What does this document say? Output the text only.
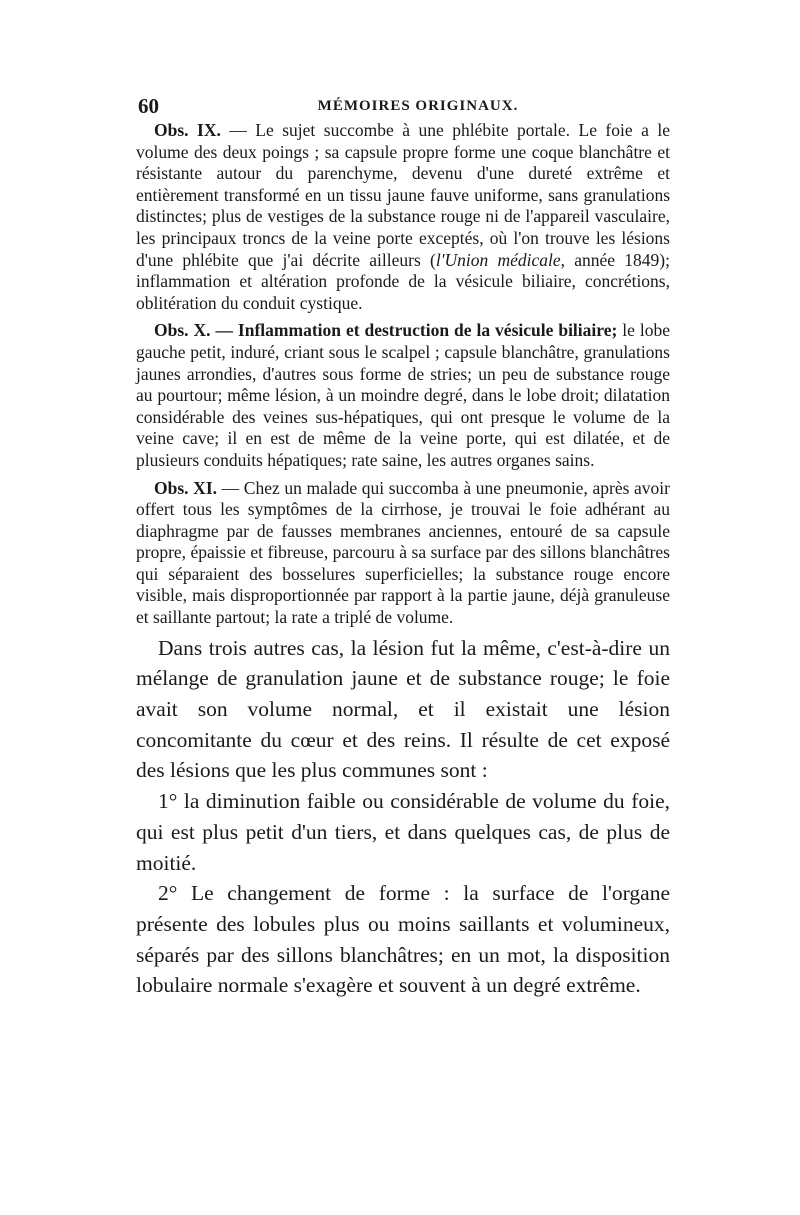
60	MÉMOIRES ORIGINAUX.

Obs. IX. — Le sujet succombe à une phlébite portale. Le foie a le volume des deux poings ; sa capsule propre forme une coque blanchâtre et résistante autour du parenchyme, devenu d'une dureté extrême et entièrement transformé en un tissu jaune fauve uniforme, sans granulations distinctes; plus de vestiges de la substance rouge ni de l'appareil vasculaire, les principaux troncs de la veine porte exceptés, où l'on trouve les lésions d'une phlébite que j'ai décrite ailleurs (l'Union médicale, année 1849); inflammation et altération profonde de la vésicule biliaire, concrétions, oblitération du conduit cystique.

Obs. X. — Inflammation et destruction de la vésicule biliaire; le lobe gauche petit, induré, criant sous le scalpel ; capsule blanchâtre, granulations jaunes arrondies, d'autres sous forme de stries; un peu de substance rouge au pourtour; même lésion, à un moindre degré, dans le lobe droit; dilatation considérable des veines sus-hépatiques, qui ont presque le volume de la veine cave; il en est de même de la veine porte, qui est dilatée, et de plusieurs conduits hépatiques; rate saine, les autres organes sains.

Obs. XI. — Chez un malade qui succomba à une pneumonie, après avoir offert tous les symptômes de la cirrhose, je trouvai le foie adhérant au diaphragme par de fausses membranes anciennes, entouré de sa capsule propre, épaissie et fibreuse, parcouru à sa surface par des sillons blanchâtres qui séparaient des bosselures superficielles; la substance rouge encore visible, mais disproportionnée par rapport à la partie jaune, déjà granuleuse et saillante partout; la rate a triplé de volume.

Dans trois autres cas, la lésion fut la même, c'est-à-dire un mélange de granulation jaune et de substance rouge; le foie avait son volume normal, et il existait une lésion concomitante du cœur et des reins. Il résulte de cet exposé des lésions que les plus communes sont :

1° la diminution faible ou considérable de volume du foie, qui est plus petit d'un tiers, et dans quelques cas, de plus de moitié.

2° Le changement de forme : la surface de l'organe présente des lobules plus ou moins saillants et volumineux, séparés par des sillons blanchâtres; en un mot, la disposition lobulaire normale s'exagère et souvent à un degré extrême.
